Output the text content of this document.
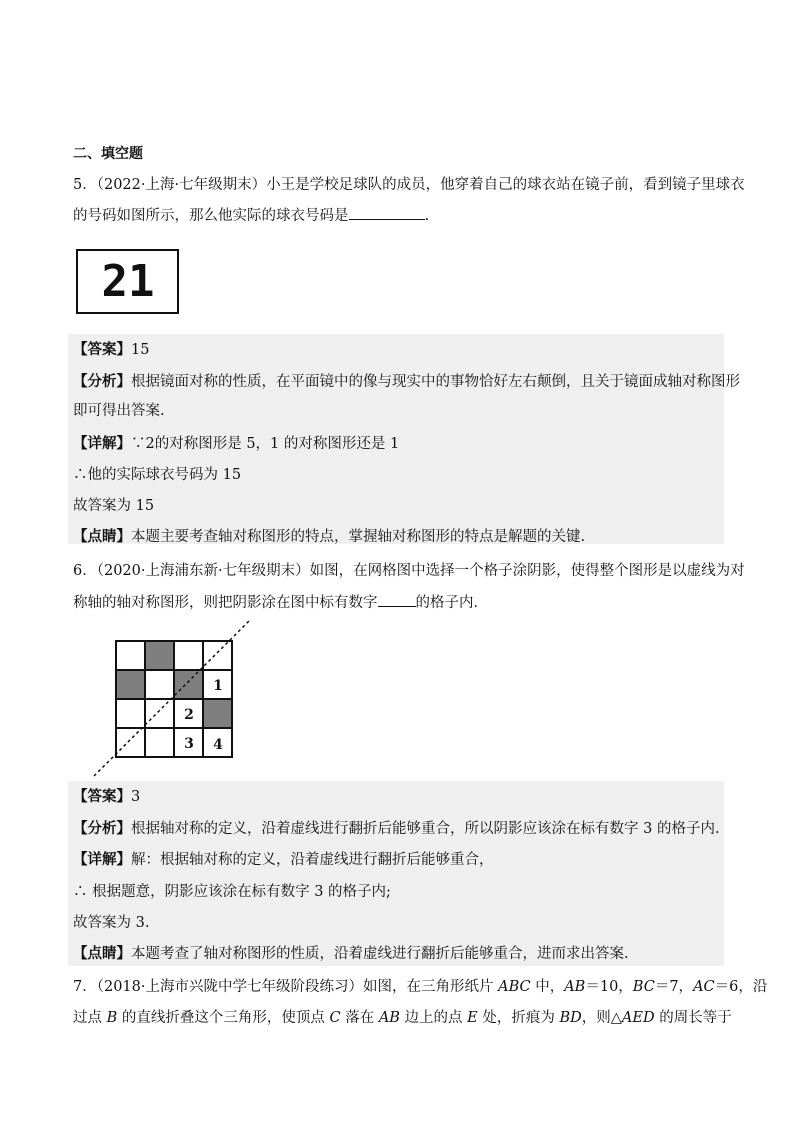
二、填空题
5．（2022·上海·七年级期末）小王是学校足球队的成员，他穿着自己的球衣站在镜子前，看到镜子里球衣
的号码如图所示，那么他实际的球衣号码是	.
21
【答案】15
【分析】根据镜面对称的性质，在平面镜中的像与现实中的事物恰好左右颠倒，且关于镜面成轴对称图形
即可得出答案.
【详解】∵2的对称图形是 5，1 的对称图形还是 1
∴他的实际球衣号码为 15
故答案为 15
【点睛】本题主要考查轴对称图形的特点，掌握轴对称图形的特点是解题的关键.
6．（2020·上海浦东新·七年级期末）如图，在网格图中选择一个格子涂阴影，使得整个图形是以虚线为对
称轴的轴对称图形，则把阴影涂在图中标有数字	的格子内．
1
2
3 4
【答案】3
【分析】根据轴对称的定义，沿着虚线进行翻折后能够重合，所以阴影应该涂在标有数字 3 的格子内.
【详解】解：根据轴对称的定义，沿着虚线进行翻折后能够重合，
∴ 根据题意，阴影应该涂在标有数字 3 的格子内;
故答案为 3.
【点睛】本题考查了轴对称图形的性质，沿着虚线进行翻折后能够重合，进而求出答案.
7．（2018·上海市兴陇中学七年级阶段练习）如图，在三角形纸片 ABC 中，AB＝10，BC＝7，AC＝6，沿
过点 B 的直线折叠这个三角形，使顶点 C 落在 AB 边上的点 E 处，折痕为 BD，则△AED 的周长等于
